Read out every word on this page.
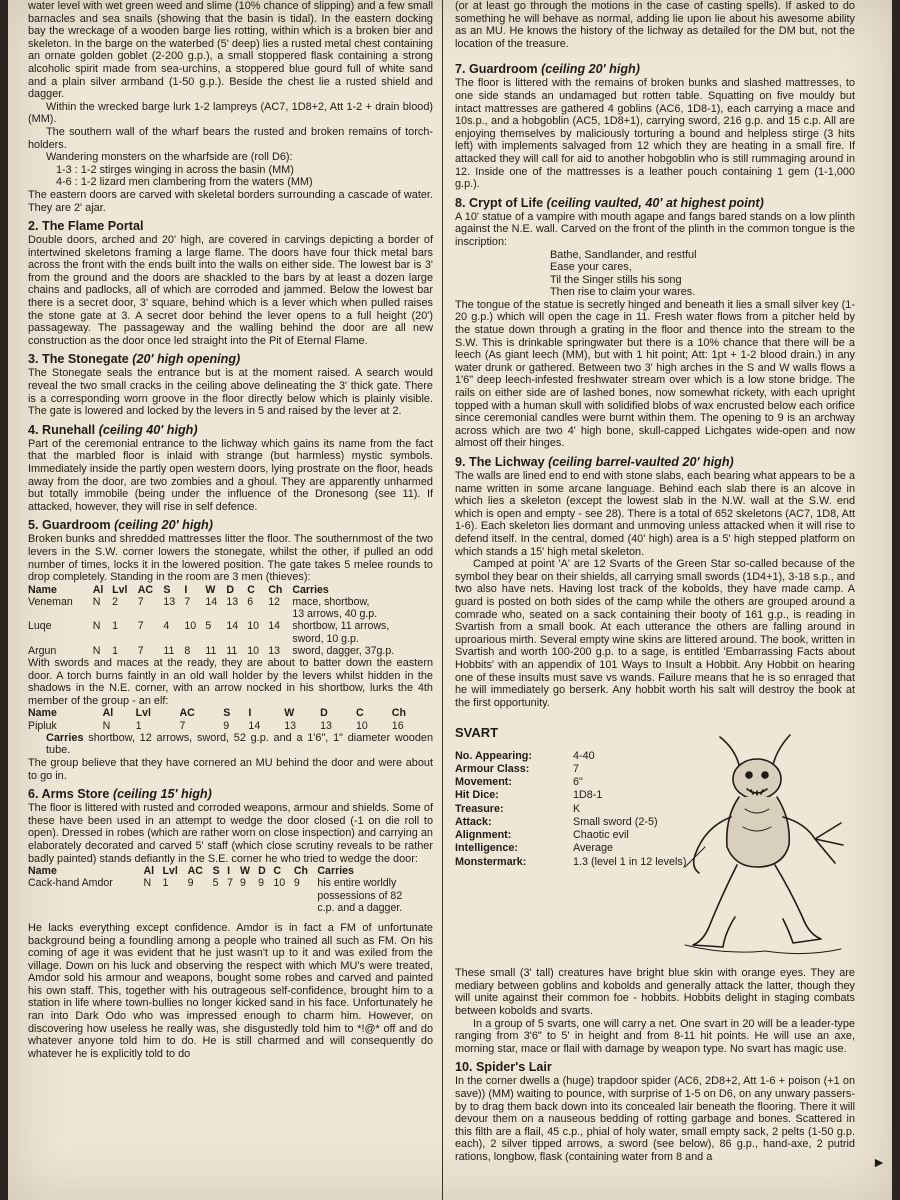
water level with wet green weed and slime (10% chance of slipping) and a few small barnacles and sea snails (showing that the basin is tidal). In the eastern docking bay the wreckage of a wooden barge lies rotting, within which is a broken bier and skeleton. In the barge on the waterbed (5' deep) lies a rusted metal chest containing an ornate golden goblet (2-200 g.p.), a small stoppered flask containing a strong alcoholic spirit made from sea-urchins, a stoppered blue gourd full of white sand and a plain silver armband (1-50 g.p.). Beside the chest lie a rusted shield and dagger.

Within the wrecked barge lurk 1-2 lampreys (AC7, 1D8+2, Att 1-2 + drain blood) (MM).

The southern wall of the wharf bears the rusted and broken remains of torch-holders.

Wandering monsters on the wharfside are (roll D6):

1-3 : 1-2 stirges winging in across the basin (MM)

4-6 : 1-2 lizard men clambering from the waters (MM)

The eastern doors are carved with skeletal borders surrounding a cascade of water. They are 2' ajar.

2. The Flame Portal

Double doors, arched and 20' high, are covered in carvings depicting a border of intertwined skeletons framing a large flame. The doors have four thick metal bars across the front with the ends built into the walls on either side. The lowest bar is 3' from the ground and the doors are shackled to the bars by at least a dozen large chains and padlocks, all of which are corroded and jammed. Below the lowest bar there is a secret door, 3' square, behind which is a lever which when pulled raises the stone gate at 3. A secret door behind the lever opens to a full height (20') passageway. The passageway and the walling behind the door are all new construction as the door once led straight into the Pit of Eternal Flame.

3. The Stonegate (20' high opening)

The Stonegate seals the entrance but is at the moment raised. A search would reveal the two small cracks in the ceiling above delineating the 3' thick gate. There is a corresponding worn groove in the floor directly below which is plainly visible. The gate is lowered and locked by the levers in 5 and raised by the lever at 2.

4. Runehall (ceiling 40' high)

Part of the ceremonial entrance to the lichway which gains its name from the fact that the marbled floor is inlaid with strange (but harmless) mystic symbols. Immediately inside the partly open western doors, lying prostrate on the floor, heads away from the door, are two zombies and a ghoul. They are apparently unharmed but totally immobile (being under the influence of the Dronesong (see 11). If attacked, however, they will rise in self defence.

5. Guardroom (ceiling 20' high)

Broken bunks and shredded mattresses litter the floor. The southernmost of the two levers in the S.W. corner lowers the stonegate, whilst the other, if pulled an odd number of times, locks it in the lowered position. The gate takes 5 melee rounds to drop completely. Standing in the room are 3 men (thieves):

Name	Al	Lvl	AC	S	I	W	D	C	Ch	Carries
Veneman	N	2	7	13	7	14	13	6	12	mace, shortbow,
										13 arrows, 40 g.p.
Luqe	N	1	7	4	10	5	14	10	14	shortbow, 11 arrows,
										sword, 10 g.p.
Argun	N	1	7	11	8	11	11	10	13	sword, dagger, 37g.p.

With swords and maces at the ready, they are about to batter down the eastern door. A torch burns faintly in an old wall holder by the levers whilst hidden in the shadows in the N.E. corner, with an arrow nocked in his shortbow, lurks the 4th member of the group - an elf:

Name	Al	Lvl	AC	S	I	W	D	C	Ch
Pipluk	N	1	7	9	14	13	13	10	16

Carries shortbow, 12 arrows, sword, 52 g.p. and a 1'6", 1" diameter wooden tube.

The group believe that they have cornered an MU behind the door and were about to go in.

6. Arms Store (ceiling 15' high)

The floor is littered with rusted and corroded weapons, armour and shields. Some of these have been used in an attempt to wedge the door closed (-1 on die roll to open). Dressed in robes (which are rather worn on close inspection) and carrying an elaborately decorated and carved 5' staff (which close scrutiny reveals to be rather badly painted) stands defiantly in the S.E. corner he who tried to wedge the door:

Name	Al	Lvl	AC	S	I	W	D	C	Ch	Carries
Cack-hand Amdor	N	1	9	5	7	9	9	10	9	his entire worldly
										possessions of 82
										c.p. and a dagger.

He lacks everything except confidence. Amdor is in fact a FM of unfortunate background being a foundling among a people who trained all such as FM. On his coming of age it was evident that he just wasn't up to it and was exiled from the village. Down on his luck and observing the respect with which MU's were treated, Amdor sold his armour and weapons, bought some robes and carved and painted his own staff. This, together with his outrageous self-confidence, brought him to a station in life where town-bullies no longer kicked sand in his face. Unfortunately he ran into Dark Odo who was impressed enough to charm him. However, on discovering how useless he really was, she disgustedly told him to *!@* off and do whatever anyone told him to do. He is still charmed and will consequently do whatever he is explicitly told to do

(or at least go through the motions in the case of casting spells). If asked to do something he will behave as normal, adding lie upon lie about his awesome ability as an MU. He knows the history of the lichway as detailed for the DM but, not the location of the treasure.

7. Guardroom (ceiling 20' high)

The floor is littered with the remains of broken bunks and slashed mattresses, to one side stands an undamaged but rotten table. Squatting on five mouldy but intact mattresses are gathered 4 goblins (AC6, 1D8-1), each carrying a mace and 10s.p., and a hobgoblin (AC5, 1D8+1), carrying sword, 216 g.p. and 15 c.p. All are enjoying themselves by maliciously torturing a bound and helpless stirge (3 hits left) with implements salvaged from 12 which they are heating in a small fire. If attacked they will call for aid to another hobgoblin who is still rummaging around in 12. Inside one of the mattresses is a leather pouch containing 1 gem (1-1,000 g.p.).

8. Crypt of Life (ceiling vaulted, 40' at highest point)

A 10' statue of a vampire with mouth agape and fangs bared stands on a low plinth against the N.E. wall. Carved on the front of the plinth in the common tongue is the inscription:

Bathe, Sandlander, and restful

Ease your cares,

Til the Singer stills his song

Then rise to claim your wares.

The tongue of the statue is secretly hinged and beneath it lies a small silver key (1-20 g.p.) which will open the cage in 11. Fresh water flows from a pitcher held by the statue down through a grating in the floor and thence into the stream to the S.W. This is drinkable springwater but there is a 10% chance that there will be a leech (As giant leech (MM), but with 1 hit point; Att: 1pt + 1-2 blood drain.) in any water drunk or gathered. Between two 3' high arches in the S and W walls flows a 1'6" deep leech-infested freshwater stream over which is a low stone bridge. The rails on either side are of lashed bones, now somewhat rickety, with each upright topped with a human skull with solidified blobs of wax encrusted below each orifice since ceremonial candles were burnt within them. The opening to 9 is an archway across which are two 4' high bone, skull-capped Lichgates wide-open and now almost off their hinges.

9. The Lichway (ceiling barrel-vaulted 20' high)

The walls are lined end to end with stone slabs, each bearing what appears to be a name written in some arcane language. Behind each slab there is an alcove in which lies a skeleton (except the lowest slab in the N.W. wall at the S.W. end which is open and empty - see 28). There is a total of 652 skeletons (AC7, 1D8, Att 1-6). Each skeleton lies dormant and unmoving unless attacked when it will rise to defend itself. In the central, domed (40' high) area is a 5' high stepped platform on which stands a 15' high metal skeleton.

Camped at point 'A' are 12 Svarts of the Green Star so-called because of the symbol they bear on their shields, all carrying small swords (1D4+1), 3-18 s.p., and two also have nets. Having lost track of the kobolds, they have made camp. A guard is posted on both sides of the camp while the others are grouped around a comrade who, seated on a sack containing their booty of 161 g.p., is reading in Svartish from a small book. At each utterance the others are falling around in uproarious mirth. Several empty wine skins are littered around. The book, written in Svartish and worth 100-200 g.p. to a sage, is entitled 'Embarrassing Facts about Hobbits' with an appendix of 101 Ways to Insult a Hobbit. Any Hobbit on hearing one of these insults must save vs wands. Failure means that he is so enraged that he will immediately go berserk. Any hobbit worth his salt will destroy the book at the first opportunity.

SVART
No. Appearing:	4-40
Armour Class:	7
Movement:	6"
Hit Dice:	1D8-1
Treasure:	K
Attack:	Small sword (2-5)
Alignment:	Chaotic evil
Intelligence:	Average
Monstermark:	1.3 (level 1 in 12 levels)

These small (3' tall) creatures have bright blue skin with orange eyes. They are mediary between goblins and kobolds and generally attack the latter, though they will unite against their common foe - hobbits. Hobbits delight in staging combats between kobolds and svarts.

In a group of 5 svarts, one will carry a net. One svart in 20 will be a leader-type ranging from 3'6" to 5' in height and from 8-11 hit points. He will use an axe, morning star, mace or flail with damage by weapon type. No svart has magic use.

10. Spider's Lair

In the corner dwells a (huge) trapdoor spider (AC6, 2D8+2, Att 1-6 + poison (+1 on save)) (MM) waiting to pounce, with surprise of 1-5 on D6, on any unwary passers-by to drag them back down into its concealed lair beneath the flooring. There it will devour them on a nauseous bedding of rotting garbage and bones. Scattered in this filth are a flail, 45 c.p., phial of holy water, small empty sack, 2 pelts (1-50 g.p. each), 2 silver tipped arrows, a sword (see below), 86 g.p., hand-axe, 2 putrid rations, longbow, flask (containing water from 8 and a	►
